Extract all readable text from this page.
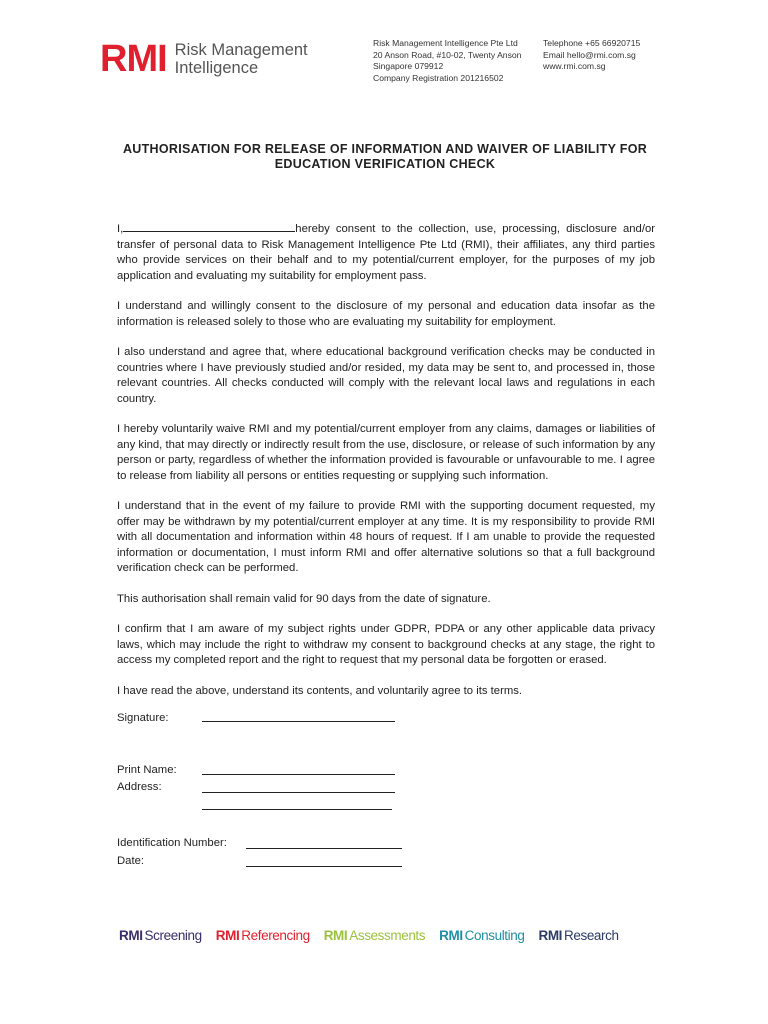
RMI Risk Management
Intelligence
Risk Management Intelligence Pte Ltd
20 Anson Road, #10-02, Twenty Anson
Singapore 079912
Company Registration 201216502
Telephone +65 66920715
Email hello@rmi.com.sg
www.rmi.com.sg
AUTHORISATION FOR RELEASE OF INFORMATION AND WAIVER OF LIABILITY FOR
EDUCATION VERIFICATION CHECK

I,	hereby consent to the collection, use, processing, disclosure and/or transfer of personal data to Risk Management Intelligence Pte Ltd (RMI), their affiliates, any third parties who provide services on their behalf and to my potential/current employer, for the purposes of my job application and evaluating my suitability for employment pass.

I understand and willingly consent to the disclosure of my personal and education data insofar as the information is released solely to those who are evaluating my suitability for employment.

I also understand and agree that, where educational background verification checks may be conducted in countries where I have previously studied and/or resided, my data may be sent to, and processed in, those relevant countries. All checks conducted will comply with the relevant local laws and regulations in each country.

I hereby voluntarily waive RMI and my potential/current employer from any claims, damages or liabilities of any kind, that may directly or indirectly result from the use, disclosure, or release of such information by any person or party, regardless of whether the information provided is favourable or unfavourable to me. I agree to release from liability all persons or entities requesting or supplying such information.

I understand that in the event of my failure to provide RMI with the supporting document requested, my offer may be withdrawn by my potential/current employer at any time. It is my responsibility to provide RMI with all documentation and information within 48 hours of request. If I am unable to provide the requested information or documentation, I must inform RMI and offer alternative solutions so that a full background verification check can be performed.

This authorisation shall remain valid for 90 days from the date of signature.

I confirm that I am aware of my subject rights under GDPR, PDPA or any other applicable data privacy laws, which may include the right to withdraw my consent to background checks at any stage, the right to access my completed report and the right to request that my personal data be forgotten or erased.

I have read the above, understand its contents, and voluntarily agree to its terms.

Signature:
Print Name:
Address:
Identification Number:
Date:
RMI Screening RMI Referencing RMI Assessments RMI Consulting RMI Research
